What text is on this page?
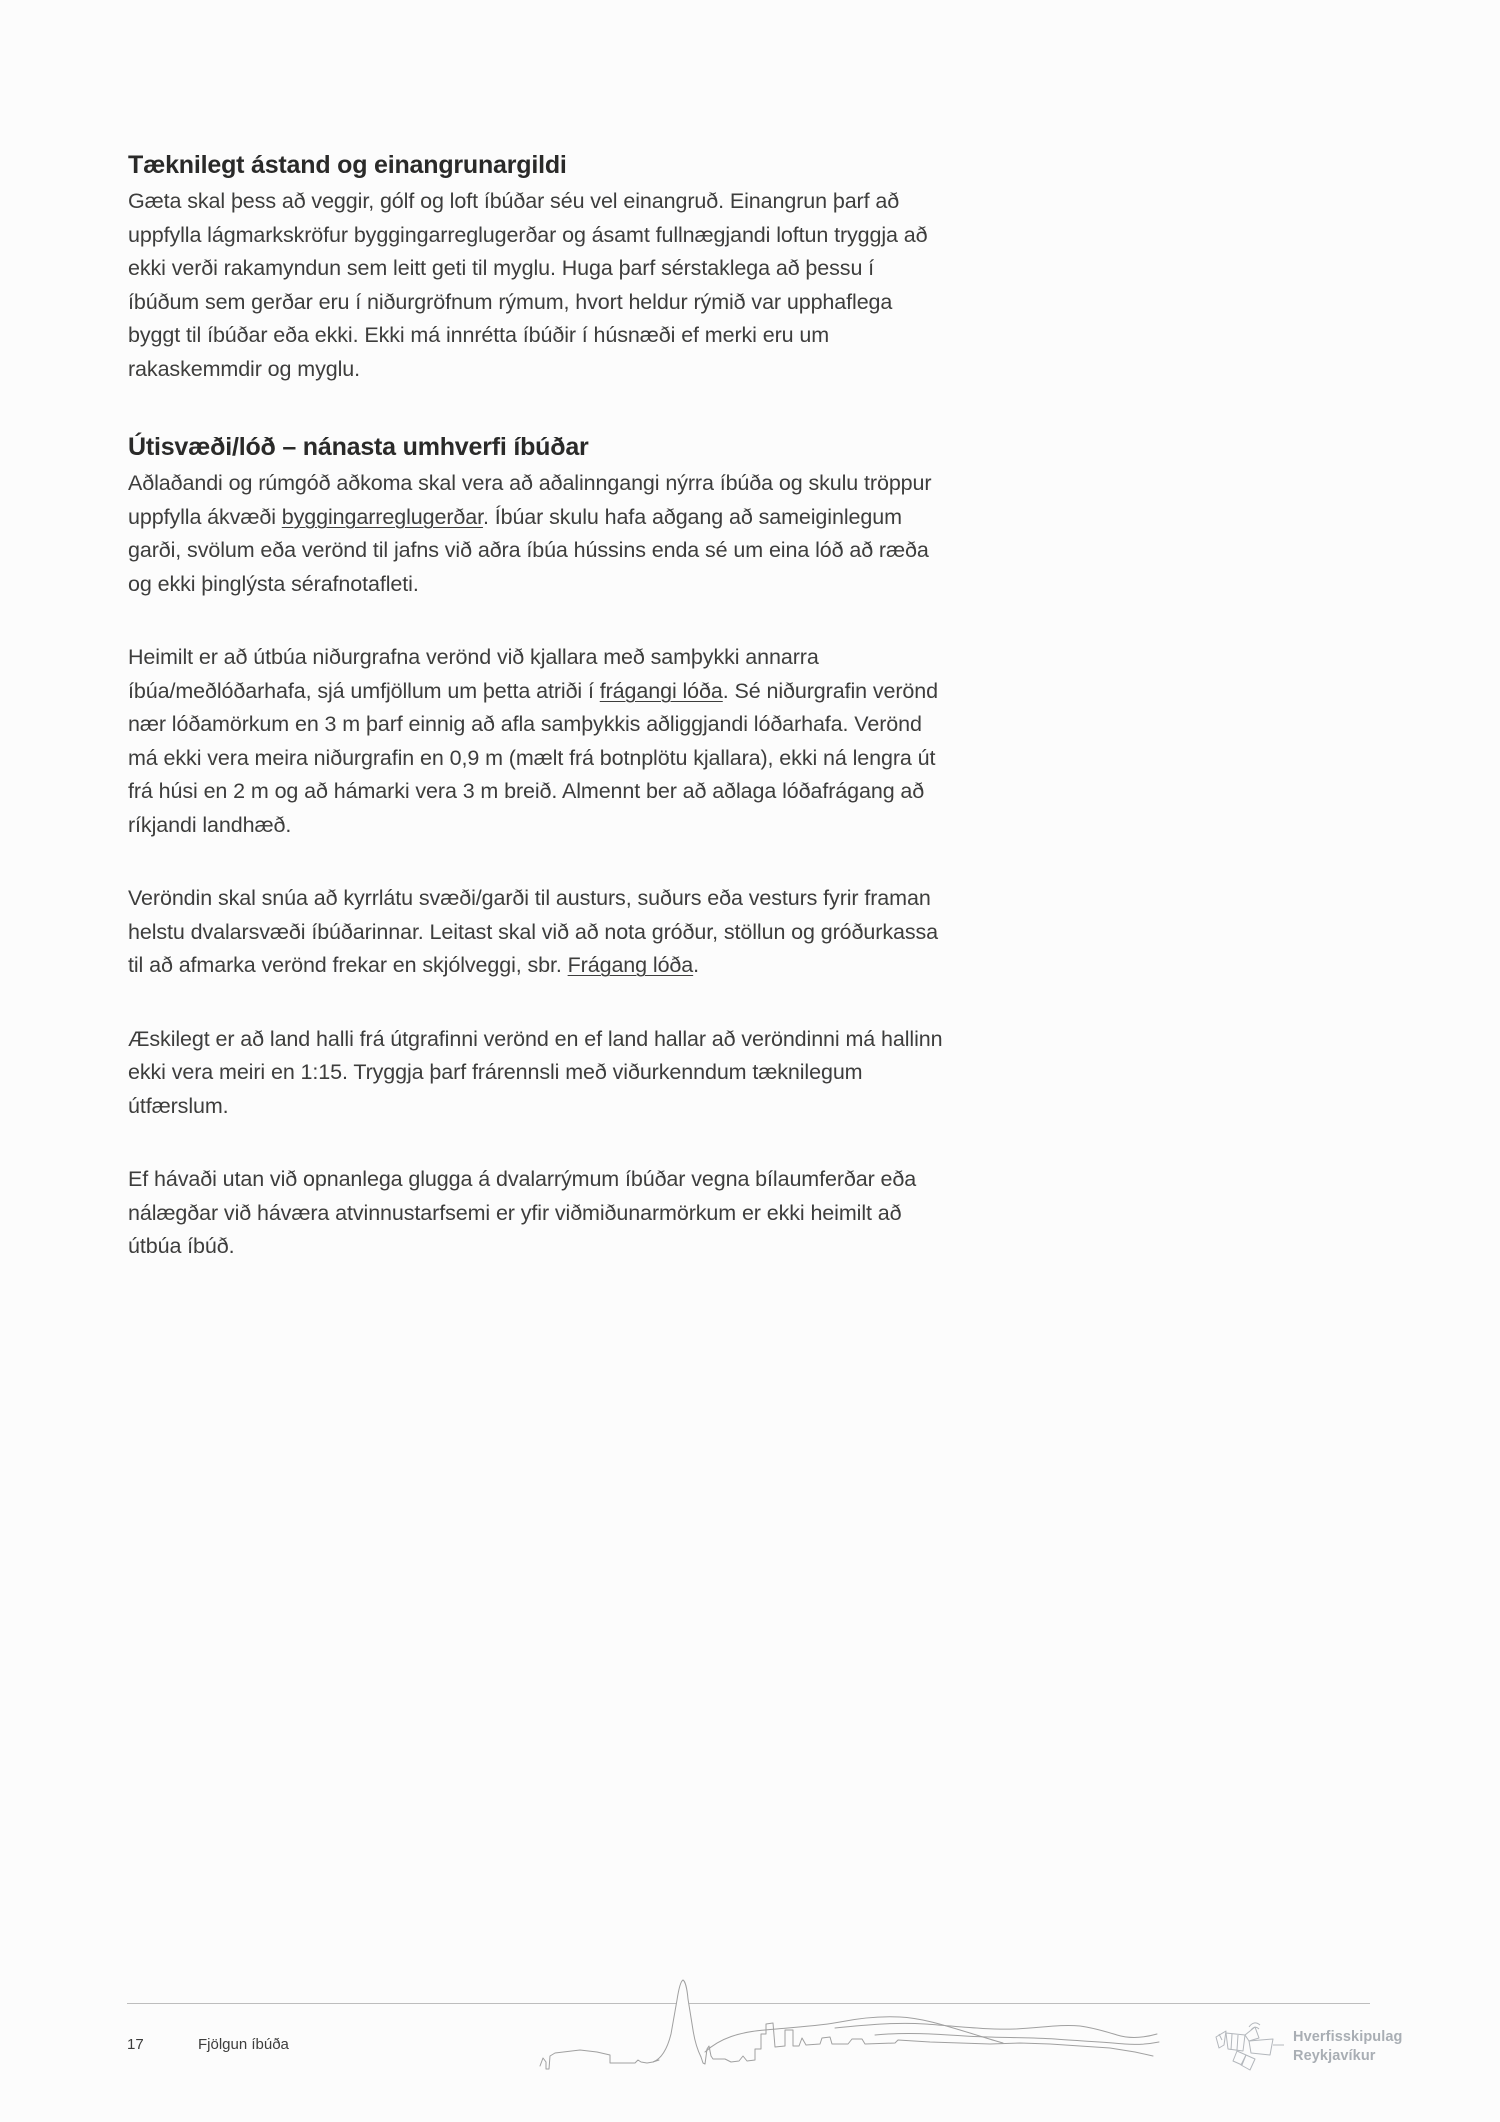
Tæknilegt ástand og einangrunargildi

Gæta skal þess að veggir, gólf og loft íbúðar séu vel einangruð. Einangrun þarf að uppfylla lágmarkskröfur byggingarreglugerðar og ásamt fullnægjandi loftun tryggja að ekki verði rakamyndun sem leitt geti til myglu. Huga þarf sérstaklega að þessu í íbúðum sem gerðar eru í niðurgröfnum rýmum, hvort heldur rýmið var upphaflega byggt til íbúðar eða ekki. Ekki má innrétta íbúðir í húsnæði ef merki eru um rakaskemmdir og myglu.

Útisvæði/lóð – nánasta umhverfi íbúðar

Aðlaðandi og rúmgóð aðkoma skal vera að aðalinngangi nýrra íbúða og skulu tröppur uppfylla ákvæði byggingarreglugerðar. Íbúar skulu hafa aðgang að sameiginlegum garði, svölum eða verönd til jafns við aðra íbúa hússins enda sé um eina lóð að ræða og ekki þinglýsta sérafnotafleti.

Heimilt er að útbúa niðurgrafna verönd við kjallara með samþykki annarra íbúa/meðlóðarhafa, sjá umfjöllum um þetta atriði í frágangi lóða. Sé niðurgrafin verönd nær lóðamörkum en 3 m þarf einnig að afla samþykkis aðliggjandi lóðarhafa. Verönd má ekki vera meira niðurgrafin en 0,9 m (mælt frá botnplötu kjallara), ekki ná lengra út frá húsi en 2 m og að hámarki vera 3 m breið. Almennt ber að aðlaga lóðafrágang að ríkjandi landhæð.

Veröndin skal snúa að kyrrlátu svæði/garði til austurs, suðurs eða vesturs fyrir framan helstu dvalarsvæði íbúðarinnar. Leitast skal við að nota gróður, stöllun og gróðurkassa til að afmarka verönd frekar en skjólveggi, sbr. Frágang lóða.

Æskilegt er að land halli frá útgrafinni verönd en ef land hallar að veröndinni má hallinn ekki vera meiri en 1:15. Tryggja þarf frárennsli með viðurkenndum tæknilegum útfærslum.

Ef hávaði utan við opnanlega glugga á dvalarrýmum íbúðar vegna bílaumferðar eða nálægðar við háværa atvinnustarfsemi er yfir viðmiðunarmörkum er ekki heimilt að útbúa íbúð.

17	Fjölgun íbúða	Hverfisskipulag
Reykjavíkur
